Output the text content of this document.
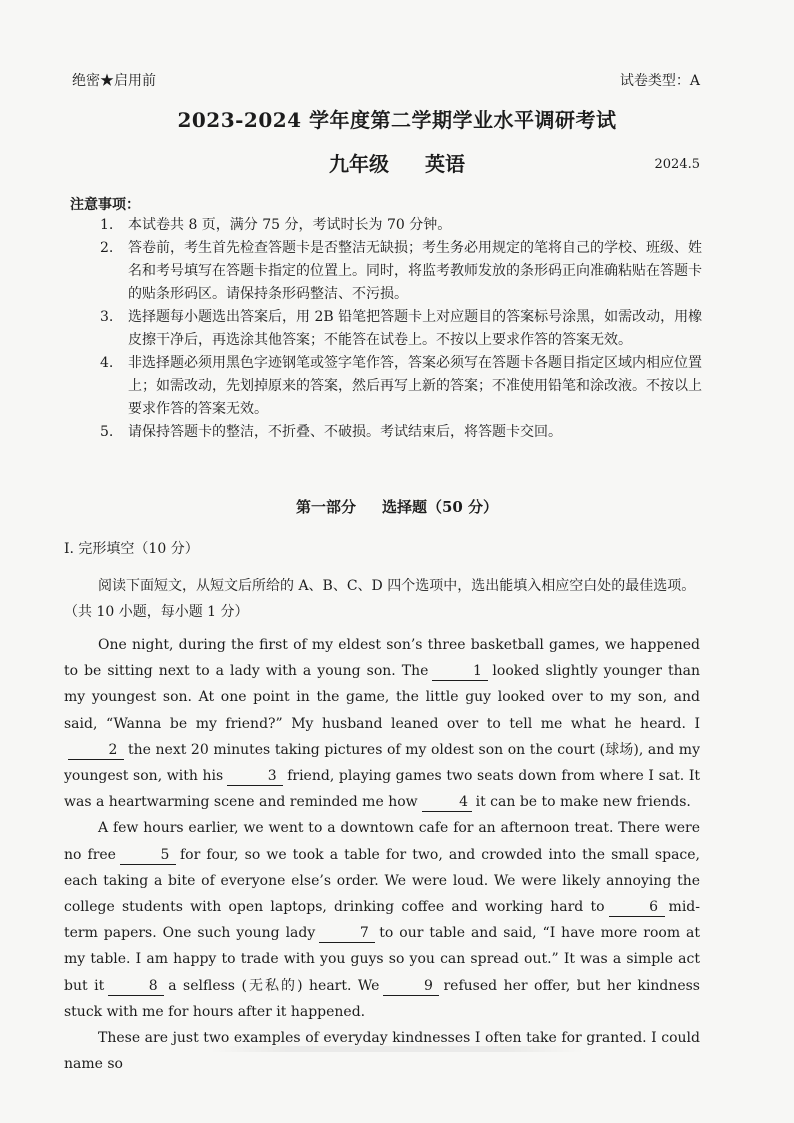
绝密★启用前	试卷类型：A
2023-2024 学年度第二学期学业水平调研考试
九年级 英语	2024.5
注意事项：
1. 本试卷共 8 页，满分 75 分，考试时长为 70 分钟。
2. 答卷前，考生首先检查答题卡是否整洁无缺损；考生务必用规定的笔将自己的学校、班级、姓名和考号填写在答题卡指定的位置上。同时，将监考教师发放的条形码正向准确粘贴在答题卡的贴条形码区。请保持条形码整洁、不污损。
3. 选择题每小题选出答案后，用 2B 铅笔把答题卡上对应题目的答案标号涂黑，如需改动，用橡皮擦干净后，再选涂其他答案；不能答在试卷上。不按以上要求作答的答案无效。
4. 非选择题必须用黑色字迹钢笔或签字笔作答，答案必须写在答题卡各题目指定区域内相应位置上；如需改动，先划掉原来的答案，然后再写上新的答案；不准使用铅笔和涂改液。不按以上要求作答的答案无效。
5. 请保持答题卡的整洁，不折叠、不破损。考试结束后，将答题卡交回。
第一部分 选择题（50 分）
I. 完形填空（10 分）
阅读下面短文，从短文后所给的 A、B、C、D 四个选项中，选出能填入相应空白处的最佳选项。（共 10 小题，每小题 1 分）

One night, during the first of my eldest son’s three basketball games, we happened to be sitting next to a lady with a young son. The	1 looked slightly younger than my youngest son. At one point in the game, the little guy looked over to my son, and said, “Wanna be my friend?” My husband leaned over to tell me what he heard. I2 the next 20 minutes taking pictures of my oldest son on the court (球场), and my youngest son, with his	3 friend, playing games two seats down from where I sat. It was a heartwarming scene and reminded me how	4 it can be to make new friends.

A few hours earlier, we went to a downtown cafe for an afternoon treat. There were no free	5 for four, so we took a table for two, and crowded into the small space, each taking a bite of everyone else’s order. We were loud. We were likely annoying the college students with open laptops, drinking coffee and working hard to	6 mid-term papers. One such young lady	7 to our table and said, “I have more room at my table. I am happy to trade with you guys so you can spread out.” It was a simple act but it	8 a selfless (无私的) heart. We	9 refused her offer, but her kindness stuck with me for hours after it happened.

These are just two examples of everyday kindnesses I often take for granted. I could name so
